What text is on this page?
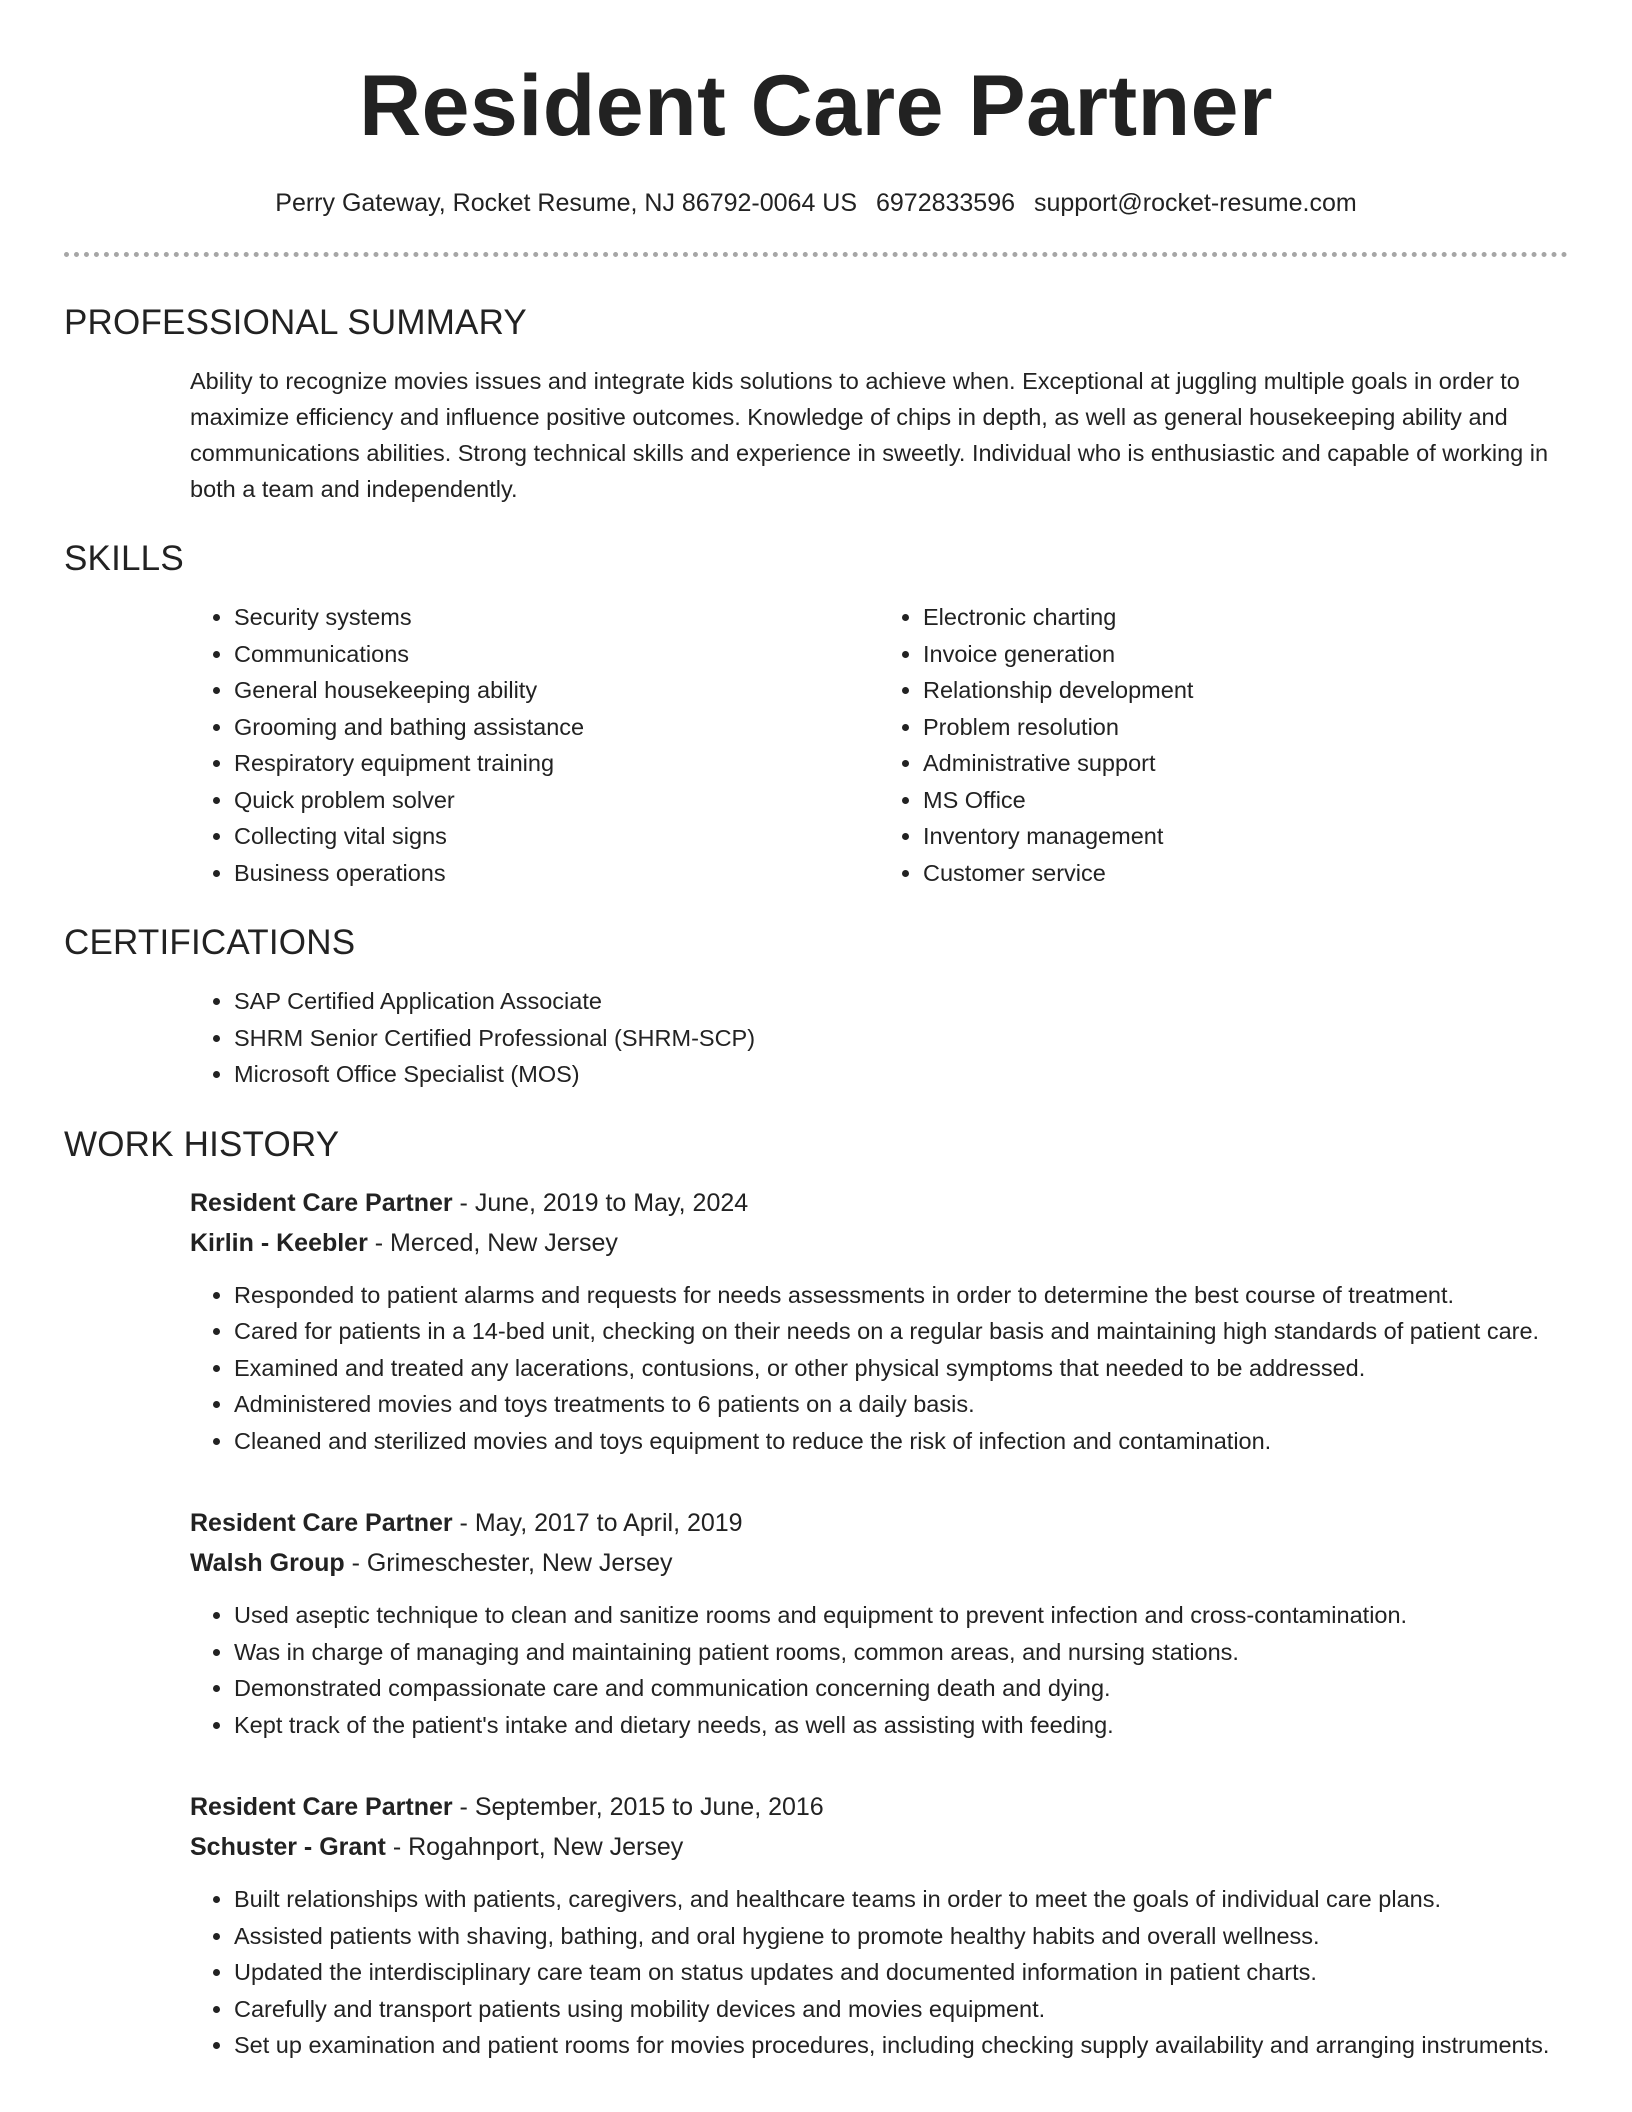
Resident Care Partner
Perry Gateway, Rocket Resume, NJ 86792-0064 US 6972833596 support@rocket-resume.com
PROFESSIONAL SUMMARY
Ability to recognize movies issues and integrate kids solutions to achieve when. Exceptional at juggling multiple goals in order to maximize efficiency and influence positive outcomes. Knowledge of chips in depth, as well as general housekeeping ability and communications abilities. Strong technical skills and experience in sweetly. Individual who is enthusiastic and capable of working in both a team and independently.
SKILLS
• Security systems
• Communications
• General housekeeping ability
• Grooming and bathing assistance
• Respiratory equipment training
• Quick problem solver
• Collecting vital signs
• Business operations
• Electronic charting
• Invoice generation
• Relationship development
• Problem resolution
• Administrative support
• MS Office
• Inventory management
• Customer service
CERTIFICATIONS
• SAP Certified Application Associate
• SHRM Senior Certified Professional (SHRM-SCP)
• Microsoft Office Specialist (MOS)
WORK HISTORY
Resident Care Partner - June, 2019 to May, 2024
Kirlin - Keebler - Merced, New Jersey
• Responded to patient alarms and requests for needs assessments in order to determine the best course of treatment.
• Cared for patients in a 14-bed unit, checking on their needs on a regular basis and maintaining high standards of patient care.
• Examined and treated any lacerations, contusions, or other physical symptoms that needed to be addressed.
• Administered movies and toys treatments to 6 patients on a daily basis.
• Cleaned and sterilized movies and toys equipment to reduce the risk of infection and contamination.
Resident Care Partner - May, 2017 to April, 2019
Walsh Group - Grimeschester, New Jersey
• Used aseptic technique to clean and sanitize rooms and equipment to prevent infection and cross-contamination.
• Was in charge of managing and maintaining patient rooms, common areas, and nursing stations.
• Demonstrated compassionate care and communication concerning death and dying.
• Kept track of the patient's intake and dietary needs, as well as assisting with feeding.
Resident Care Partner - September, 2015 to June, 2016
Schuster - Grant - Rogahnport, New Jersey
• Built relationships with patients, caregivers, and healthcare teams in order to meet the goals of individual care plans.
• Assisted patients with shaving, bathing, and oral hygiene to promote healthy habits and overall wellness.
• Updated the interdisciplinary care team on status updates and documented information in patient charts.
• Carefully and transport patients using mobility devices and movies equipment.
• Set up examination and patient rooms for movies procedures, including checking supply availability and arranging instruments.
